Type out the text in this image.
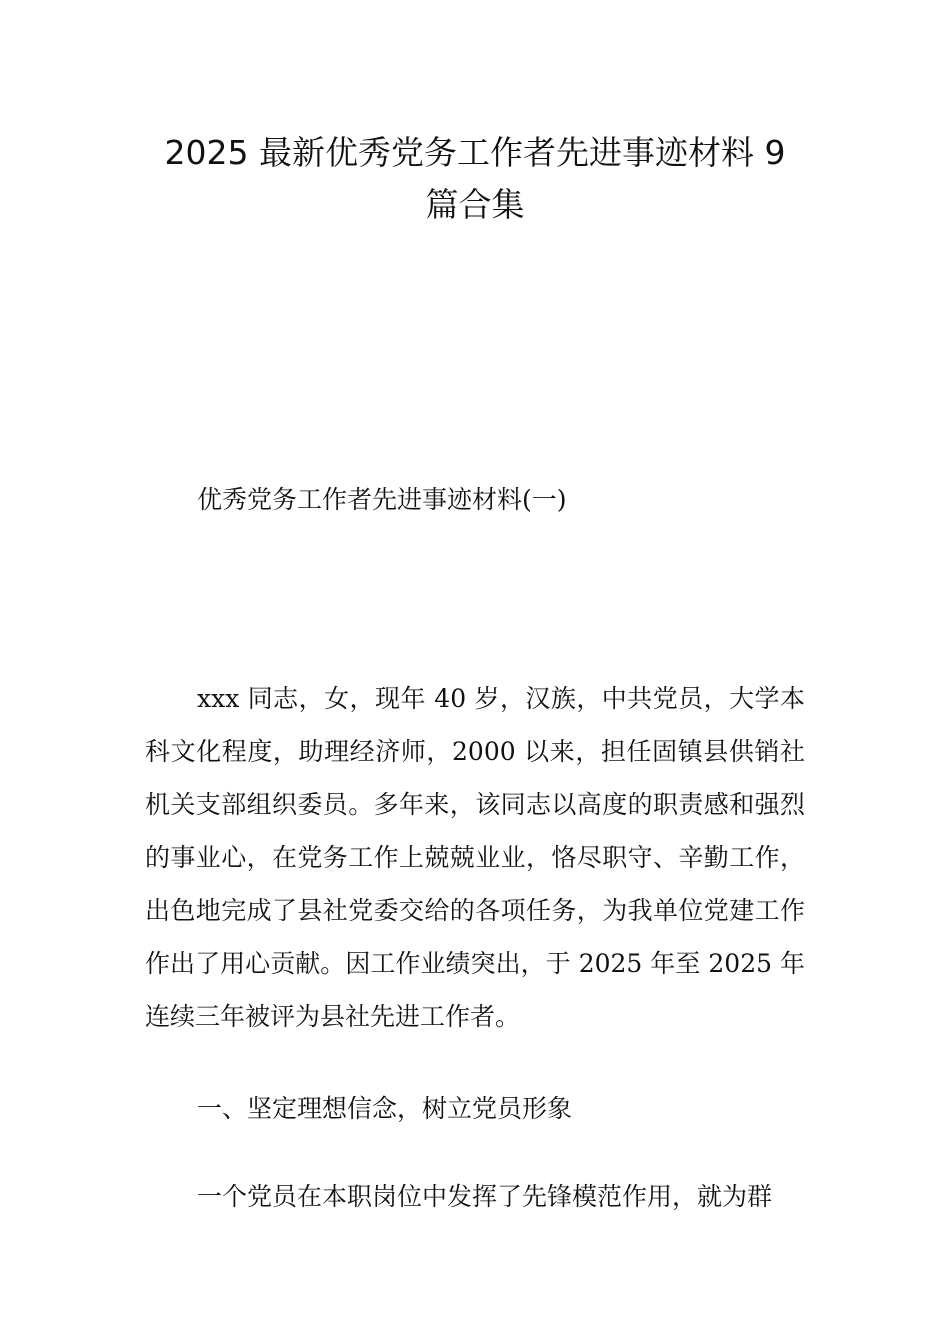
2025 最新优秀党务工作者先进事迹材料 9
篇合集

优秀党务工作者先进事迹材料(一)

xxx 同志，女，现年 40 岁，汉族，中共党员，大学本科文化程度，助理经济师，2000 以来，担任固镇县供销社机关支部组织委员。多年来，该同志以高度的职责感和强烈的事业心，在党务工作上兢兢业业，恪尽职守、辛勤工作，出色地完成了县社党委交给的各项任务，为我单位党建工作作出了用心贡献。因工作业绩突出，于 2025 年至 2025 年连续三年被评为县社先进工作者。

一、坚定理想信念，树立党员形象

一个党员在本职岗位中发挥了先锋模范作用，就为群
